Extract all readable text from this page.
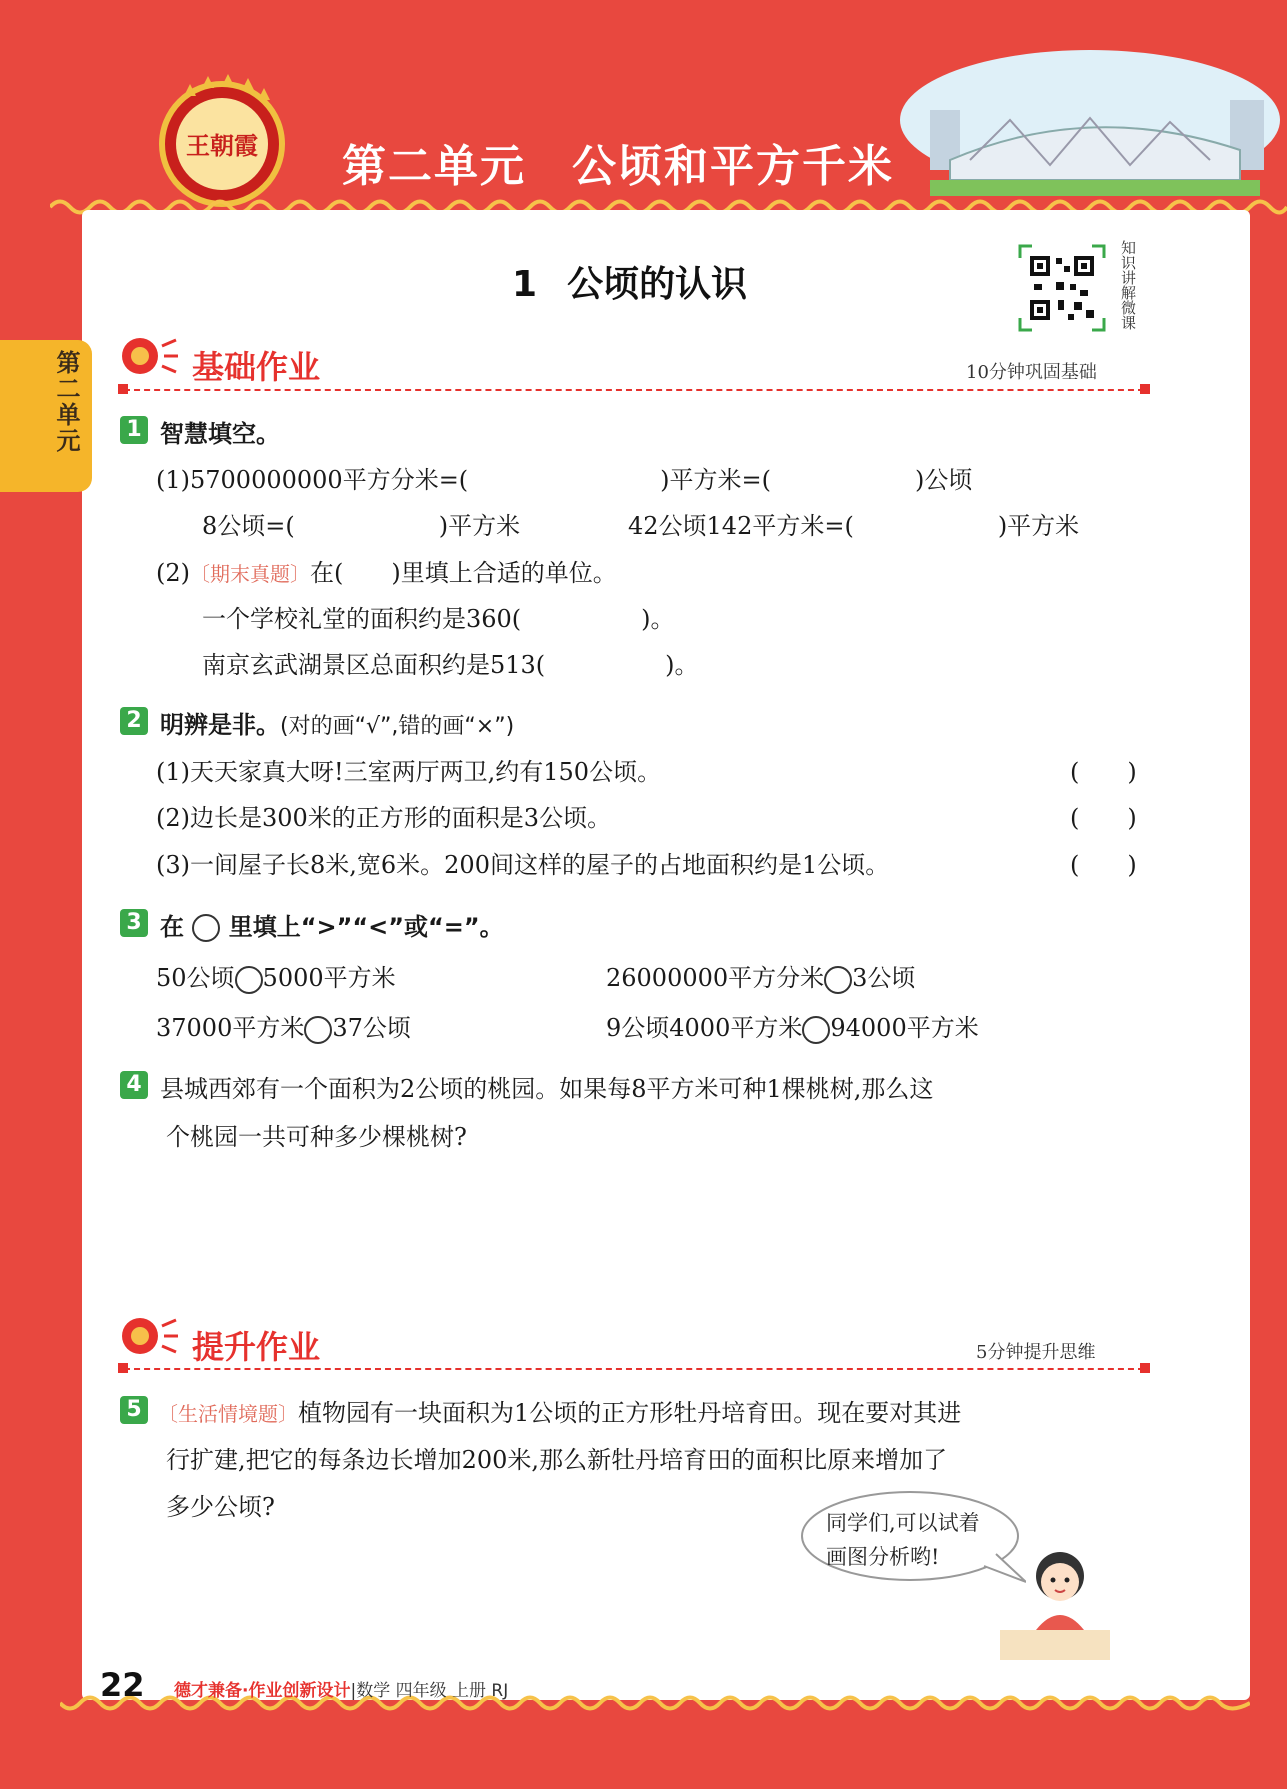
王朝霞 第二单元 公顷和平方千米
第二单元
1 公顷的认识	知识讲解微课
基础作业	10分钟巩固基础
1 智慧填空。
(1)5700000000平方分米=(　　　　　　　　)平方米=(　　　　　　)公顷
8公顷=(　　　　　　)平方米	42公顷142平方米=(　　　　　　)平方米
(2)〔期末真题〕在(　　)里填上合适的单位。
一个学校礼堂的面积约是360(　　　　　)。
南京玄武湖景区总面积约是513(　　　　　)。
2 明辨是非。(对的画“√”,错的画“×”)
(1)天天家真大呀!三室两厅两卫,约有150公顷。	(　　)
(2)边长是300米的正方形的面积是3公顷。	(　　)
(3)一间屋子长8米,宽6米。200间这样的屋子的占地面积约是1公顷。	(　　)
3 在 里填上“>”“<”或“=”。
50公顷 5000平方米	26000000平方分米 3公顷
37000平方米 37公顷	9公顷4000平方米 94000平方米
4 县城西郊有一个面积为2公顷的桃园。如果每8平方米可种1棵桃树,那么这
个桃园一共可种多少棵桃树?
提升作业	5分钟提升思维
5 〔生活情境题〕植物园有一块面积为1公顷的正方形牡丹培育田。现在要对其进
行扩建,把它的每条边长增加200米,那么新牡丹培育田的面积比原来增加了
多少公顷?
同学们,可以试着
画图分析哟!
22 德才兼备·作业创新设计|数学 四年级 上册 RJ
